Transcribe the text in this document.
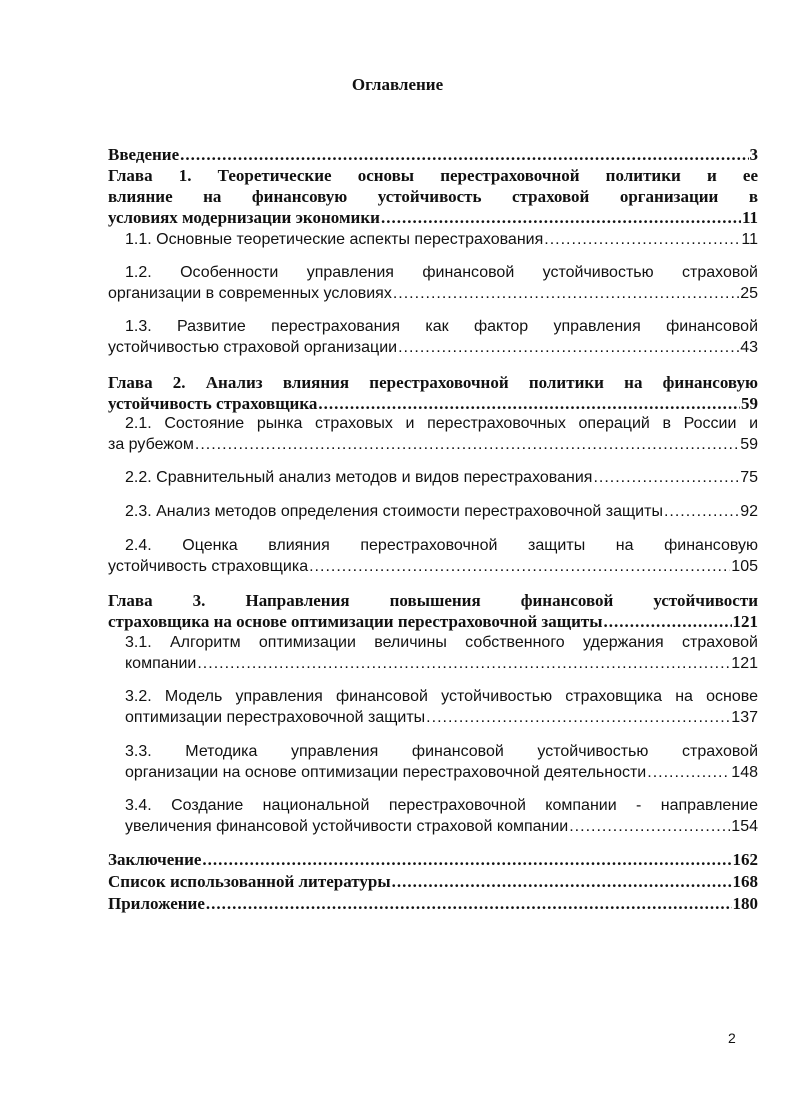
Оглавление
Введение .....	3
Глава 1. Теоретические основы перестраховочной политики и ее
влияние на финансовую устойчивость страховой организации в
условиях модернизации экономики .....	11
1.1. Основные теоретические аспекты перестрахования .....	11
1.2. Особенности управления финансовой устойчивостью страховой
организации в современных условиях .....	25
1.3. Развитие перестрахования как фактор управления финансовой
устойчивостью страховой организации .....	43
Глава 2. Анализ влияния перестраховочной политики на финансовую
устойчивость страховщика .....	59
2.1. Состояние рынка страховых и перестраховочных операций в России и
за рубежом .....	59
2.2. Сравнительный анализ методов и видов перестрахования .....	75
2.3. Анализ методов определения стоимости перестраховочной защиты .....	92
2.4. Оценка влияния перестраховочной защиты на финансовую
устойчивость страховщика .....	105
Глава 3. Направления повышения финансовой устойчивости
страховщика на основе оптимизации перестраховочной защиты .....	121
3.1. Алгоритм оптимизации величины собственного удержания страховой
компании .....	121
3.2. Модель управления финансовой устойчивостью страховщика на основе
оптимизации перестраховочной защиты .....	137
3.3. Методика управления финансовой устойчивостью страховой
организации на основе оптимизации перестраховочной деятельности .....	148
3.4. Создание национальной перестраховочной компании - направление
увеличения финансовой устойчивости страховой компании .....	154
Заключение .....	162
Список использованной литературы .....	168
Приложение .....	180
2
